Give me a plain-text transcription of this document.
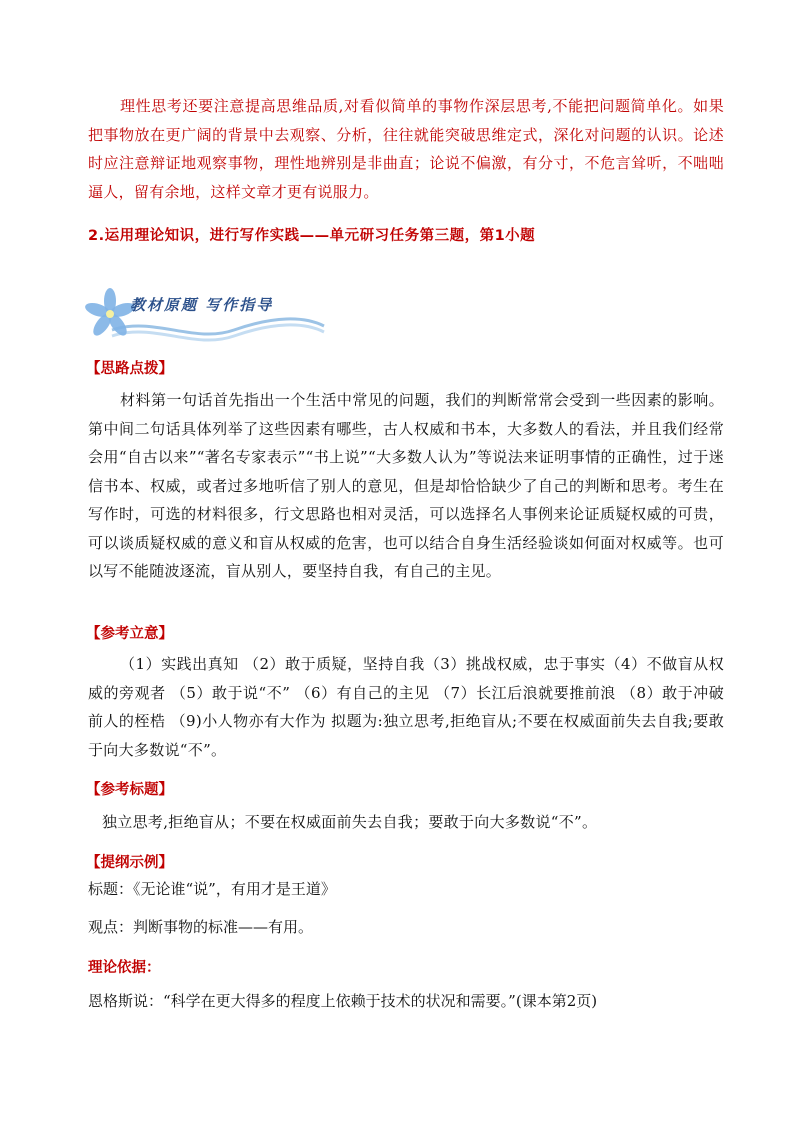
理性思考还要注意提高思维品质,对看似简单的事物作深层思考,不能把问题简单化。如果把事物放在更广阔的背景中去观察、分析，往往就能突破思维定式，深化对问题的认识。论述时应注意辩证地观察事物，理性地辨别是非曲直；论说不偏激，有分寸，不危言耸听，不咄咄逼人，留有余地，这样文章才更有说服力。

2.运用理论知识，进行写作实践——单元研习任务第三题，第1小题

教材原题 写作指导

【思路点拨】

材料第一句话首先指出一个生活中常见的问题，我们的判断常常会受到一些因素的影响。第中间二句话具体列举了这些因素有哪些，古人权威和书本，大多数人的看法，并且我们经常会用“自古以来”“著名专家表示”“书上说”“大多数人认为”等说法来证明事情的正确性，过于迷信书本、权威，或者过多地听信了别人的意见，但是却恰恰缺少了自己的判断和思考。考生在写作时，可选的材料很多，行文思路也相对灵活，可以选择名人事例来论证质疑权威的可贵，可以谈质疑权威的意义和盲从权威的危害，也可以结合自身生活经验谈如何面对权威等。也可以写不能随波逐流，盲从别人，要坚持自我，有自己的主见。

【参考立意】

（1）实践出真知 （2）敢于质疑，坚持自我（3）挑战权威，忠于事实（4）不做盲从权威的旁观者 （5）敢于说“不” （6）有自己的主见 （7）长江后浪就要推前浪 （8）敢于冲破前人的桎梏 （9)小人物亦有大作为 拟题为:独立思考,拒绝盲从;不要在权威面前失去自我;要敢于向大多数说“不”。

【参考标题】

独立思考,拒绝盲从；不要在权威面前失去自我；要敢于向大多数说“不”。

【提纲示例】

标题：《无论谁“说”，有用才是王道》

观点：判断事物的标准——有用。

理论依据：

恩格斯说：“科学在更大得多的程度上依赖于技术的状况和需要。”(课本第2页)
